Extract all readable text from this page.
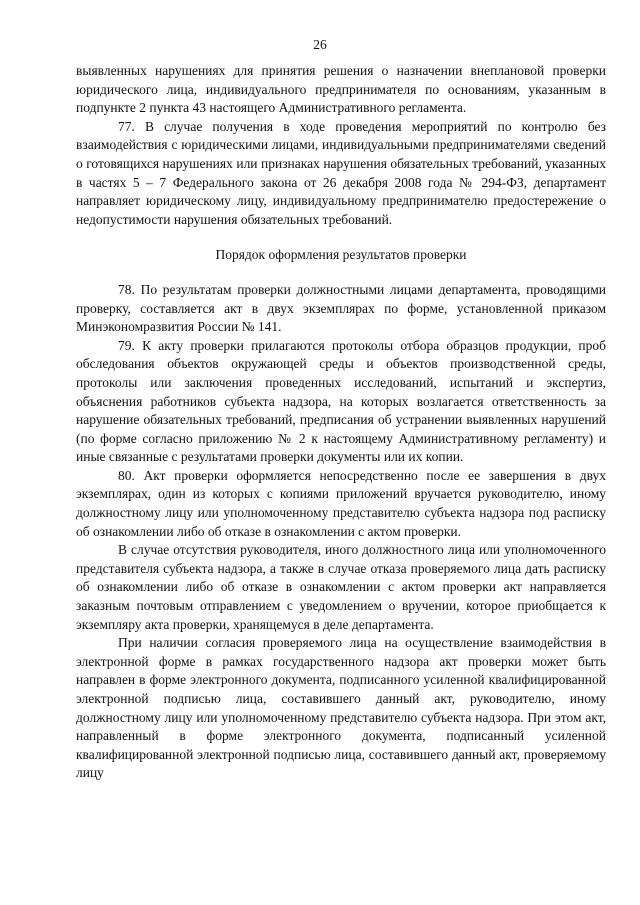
26

выявленных нарушениях для принятия решения о назначении внеплановой проверки юридического лица, индивидуального предпринимателя по основаниям, указанным в подпункте 2 пункта 43 настоящего Административного регламента.

77. В случае получения в ходе проведения мероприятий по контролю без взаимодействия с юридическими лицами, индивидуальными предпринимателями сведений о готовящихся нарушениях или признаках нарушения обязательных требований, указанных в частях 5 – 7 Федерального закона от 26 декабря 2008 года № 294-ФЗ, департамент направляет юридическому лицу, индивидуальному предпринимателю предостережение о недопустимости нарушения обязательных требований.

Порядок оформления результатов проверки

78. По результатам проверки должностными лицами департамента, проводящими проверку, составляется акт в двух экземплярах по форме, установленной приказом Минэкономразвития России № 141.

79. К акту проверки прилагаются протоколы отбора образцов продукции, проб обследования объектов окружающей среды и объектов производственной среды, протоколы или заключения проведенных исследований, испытаний и экспертиз, объяснения работников субъекта надзора, на которых возлагается ответственность за нарушение обязательных требований, предписания об устранении выявленных нарушений (по форме согласно приложению № 2 к настоящему Административному регламенту) и иные связанные с результатами проверки документы или их копии.

80. Акт проверки оформляется непосредственно после ее завершения в двух экземплярах, один из которых с копиями приложений вручается руководителю, иному должностному лицу или уполномоченному представителю субъекта надзора под расписку об ознакомлении либо об отказе в ознакомлении с актом проверки.

В случае отсутствия руководителя, иного должностного лица или уполномоченного представителя субъекта надзора, а также в случае отказа проверяемого лица дать расписку об ознакомлении либо об отказе в ознакомлении с актом проверки акт направляется заказным почтовым отправлением с уведомлением о вручении, которое приобщается к экземпляру акта проверки, хранящемуся в деле департамента.

При наличии согласия проверяемого лица на осуществление взаимодействия в электронной форме в рамках государственного надзора акт проверки может быть направлен в форме электронного документа, подписанного усиленной квалифицированной электронной подписью лица, составившего данный акт, руководителю, иному должностному лицу или уполномоченному представителю субъекта надзора. При этом акт, направленный в форме электронного документа, подписанный усиленной квалифицированной электронной подписью лица, составившего данный акт, проверяемому лицу
